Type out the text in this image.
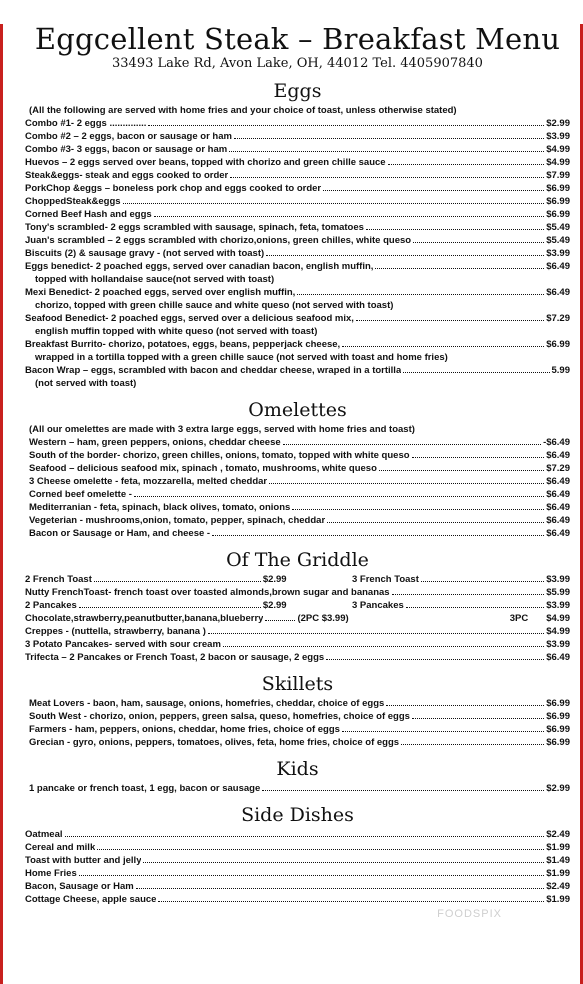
Eggcellent Steak – Breakfast Menu
33493 Lake Rd, Avon Lake, OH, 44012 Tel. 4405907840
Eggs
(All the following are served with home fries and your choice of toast, unless otherwise stated)
Combo #1- 2 eggs ..............	$2.99
Combo #2 – 2 eggs, bacon or sausage or ham	$3.99
Combo #3- 3 eggs, bacon or sausage or ham	$4.99
Huevos – 2 eggs served over beans, topped with chorizo and green chille sauce	$4.99
Steak&eggs- steak and eggs cooked to order	$7.99
PorkChop &eggs – boneless pork chop and eggs cooked to order	$6.99
ChoppedSteak&eggs	$6.99
Corned Beef Hash and eggs	$6.99
Tony's scrambled- 2 eggs scrambled with sausage, spinach, feta, tomatoes	$5.49
Juan's scrambled – 2 eggs scrambled with chorizo,onions, green chilles, white queso	$5.49
Biscuits (2) & sausage gravy - (not served with toast)	$3.99
Eggs benedict- 2 poached eggs, served over canadian bacon, english muffin,	$6.49
topped with hollandaise sauce(not served with toast)
Mexi Benedict- 2 poached eggs, served over english muffin,	$6.49
chorizo, topped with green chille sauce and white queso (not served with toast)
Seafood Benedict- 2 poached eggs, served over a delicious seafood mix,	$7.29
english muffin topped with white queso (not served with toast)
Breakfast Burrito- chorizo, potatoes, eggs, beans, pepperjack cheese,	$6.99
wrapped in a tortilla topped with a green chille sauce (not served with toast and home fries)
Bacon Wrap – eggs, scrambled with bacon and cheddar cheese, wraped in a tortilla	5.99
(not served with toast)
Omelettes
(All our omelettes are made with 3 extra large eggs, served with home fries and toast)
Western – ham, green peppers, onions, cheddar cheese	-$6.49
South of the border- chorizo, green chilles, onions, tomato, topped with white queso	$6.49
Seafood – delicious seafood mix, spinach , tomato, mushrooms, white queso	$7.29
3 Cheese omelette - feta, mozzarella, melted cheddar	$6.49
Corned beef omelette -	$6.49
Mediterranian - feta, spinach, black olives, tomato, onions	$6.49
Vegeterian - mushrooms,onion, tomato, pepper, spinach, cheddar	$6.49
Bacon or Sausage or Ham, and cheese -	$6.49
Of The Griddle
2 French Toast	$2.99	3 French Toast	$3.99
Nutty FrenchToast- french toast over toasted almonds,brown sugar and bananas	$5.99
2 Pancakes	$2.99	3 Pancakes	$3.99
Chocolate,strawberry,peanutbutter,banana,blueberry	(2PC $3.99)	3PC $4.99
Creppes - (nuttella, strawberry, banana )	$4.99
3 Potato Pancakes- served with sour cream	$3.99
Trifecta – 2 Pancakes or French Toast, 2 bacon or sausage, 2 eggs	$6.49
Skillets
Meat Lovers - baon, ham, sausage, onions, homefries, cheddar, choice of eggs	$6.99
South West - chorizo, onion, peppers, green salsa, queso, homefries, choice of eggs	$6.99
Farmers - ham, peppers, onions, cheddar, home fries, choice of eggs	$6.99
Grecian - gyro, onions, peppers, tomatoes, olives, feta, home fries, choice of eggs	$6.99
Kids
1 pancake or french toast, 1 egg, bacon or sausage	$2.99
Side Dishes
Oatmeal	$2.49
Cereal and milk	$1.99
Toast with butter and jelly	$1.49
Home Fries	$1.99
Bacon, Sausage or Ham	$2.49
Cottage Cheese, apple sauce	$1.99
FOODSPIX
